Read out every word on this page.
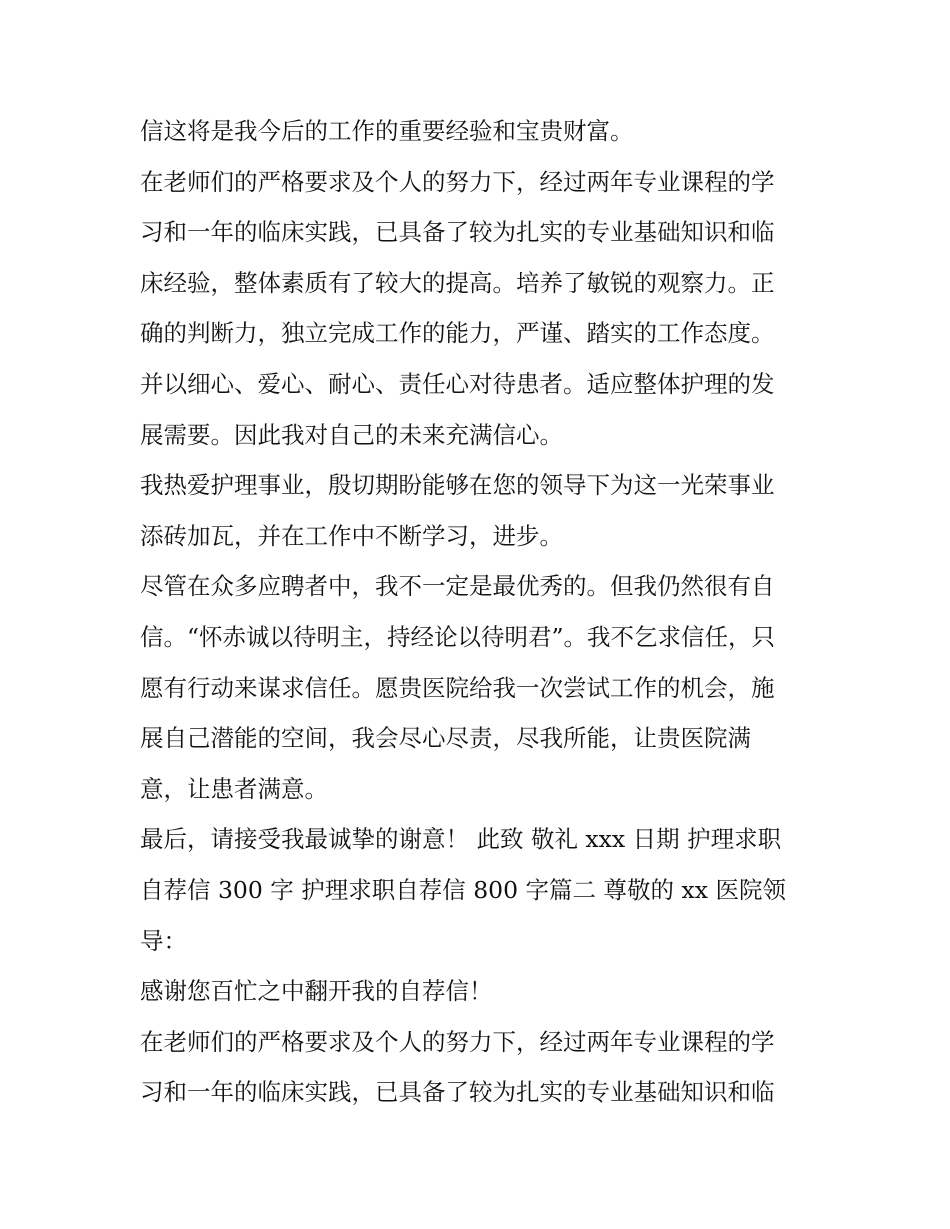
信这将是我今后的工作的重要经验和宝贵财富。
在老师们的严格要求及个人的努力下，经过两年专业课程的学
习和一年的临床实践，已具备了较为扎实的专业基础知识和临
床经验，整体素质有了较大的提高。培养了敏锐的观察力。正
确的判断力，独立完成工作的能力，严谨、踏实的工作态度。
并以细心、爱心、耐心、责任心对待患者。适应整体护理的发
展需要。因此我对自己的未来充满信心。
我热爱护理事业，殷切期盼能够在您的领导下为这一光荣事业
添砖加瓦，并在工作中不断学习，进步。
尽管在众多应聘者中，我不一定是最优秀的。但我仍然很有自
信。“怀赤诚以待明主，持经论以待明君”。我不乞求信任，只
愿有行动来谋求信任。愿贵医院给我一次尝试工作的机会，施
展自己潜能的空间，我会尽心尽责，尽我所能，让贵医院满
意，让患者满意。
最后，请接受我最诚挚的谢意！ 此致 敬礼 xxx 日期 护理求职
自荐信 300 字 护理求职自荐信 800 字篇二 尊敬的 xx 医院领
导：
感谢您百忙之中翻开我的自荐信！
在老师们的严格要求及个人的努力下，经过两年专业课程的学
习和一年的临床实践，已具备了较为扎实的专业基础知识和临
